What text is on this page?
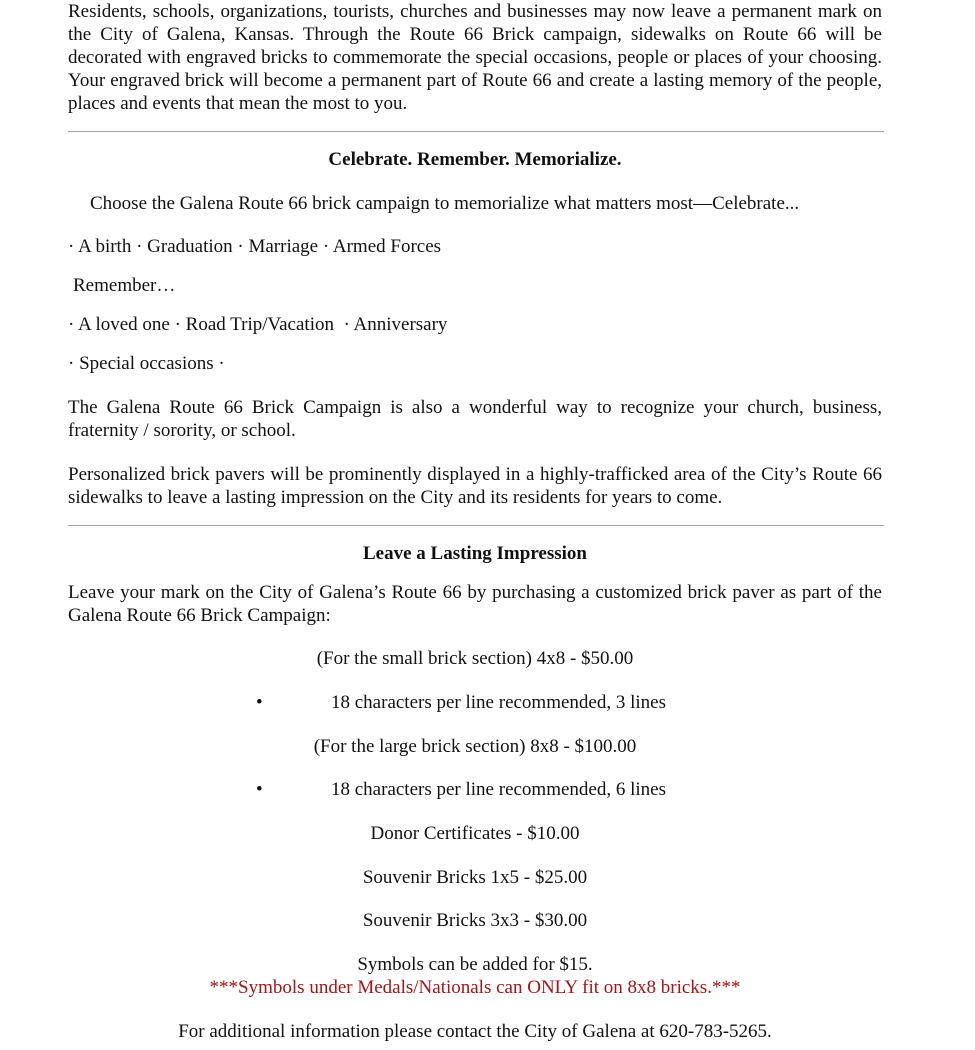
Residents, schools, organizations, tourists, churches and businesses may now leave a permanent mark on the City of Galena, Kansas. Through the Route 66 Brick campaign, sidewalks on Route 66 will be decorated with engraved bricks to commemorate the special occasions, people or places of your choosing. Your engraved brick will become a permanent part of Route 66 and create a lasting memory of the people, places and events that mean the most to you.

Celebrate. Remember. Memorialize.
Choose the Galena Route 66 brick campaign to memorialize what matters most—Celebrate...
· A birth · Graduation · Marriage · Armed Forces
Remember…
· A loved one · Road Trip/Vacation  · Anniversary
· Special occasions ·

The Galena Route 66 Brick Campaign is also a wonderful way to recognize your church, business, fraternity / sorority, or school.

Personalized brick pavers will be prominently displayed in a highly-trafficked area of the City’s Route 66 sidewalks to leave a lasting impression on the City and its residents for years to come.

Leave a Lasting Impression

Leave your mark on the City of Galena’s Route 66 by purchasing a customized brick paver as part of the Galena Route 66 Brick Campaign:

(For the small brick section) 4x8 - $50.00
•	18 characters per line recommended, 3 lines
(For the large brick section) 8x8 - $100.00
•	18 characters per line recommended, 6 lines
Donor Certificates - $10.00
Souvenir Bricks 1x5 - $25.00
Souvenir Bricks 3x3 - $30.00
Symbols can be added for $15.
***Symbols under Medals/Nationals can ONLY fit on 8x8 bricks.***
For additional information please contact the City of Galena at 620-783-5265.
